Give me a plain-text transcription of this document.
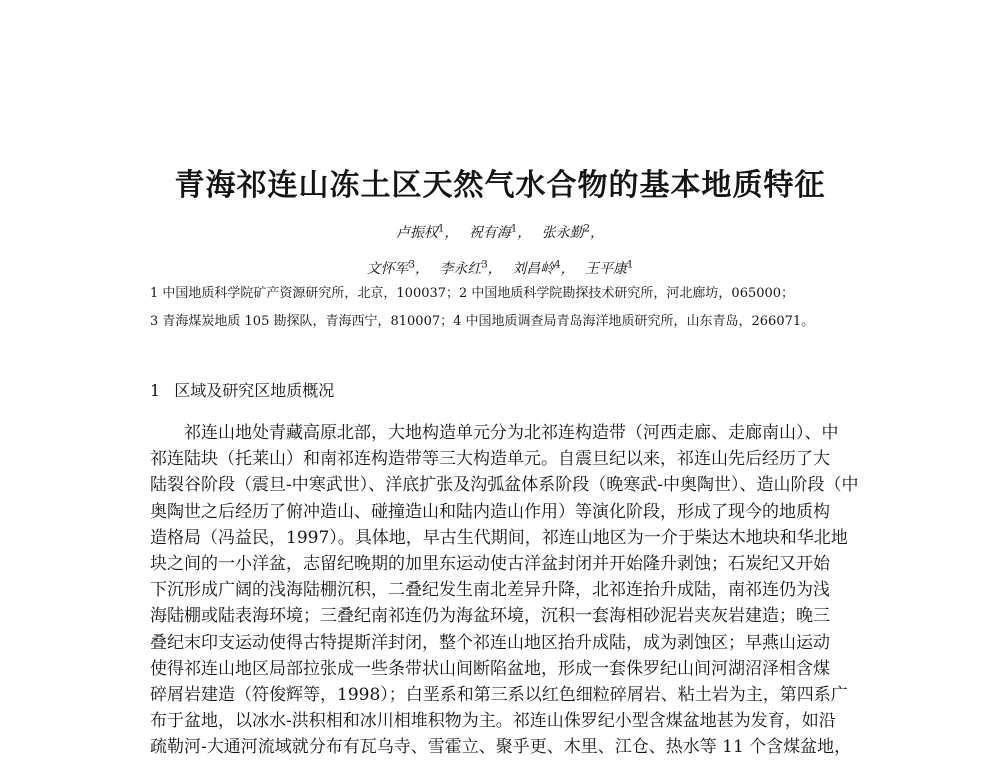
青海祁连山冻土区天然气水合物的基本地质特征
卢振权$^1$， 祝有海$^1$， 张永勤$^2$，
文怀军$^3$， 李永红$^3$， 刘昌岭$^4$， 王平康$^1$
1 中国地质科学院矿产资源研究所，北京，100037；2 中国地质科学院勘探技术研究所，河北廊坊，065000；
3 青海煤炭地质 105 勘探队，青海西宁，810007；4 中国地质调查局青岛海洋地质研究所，山东青岛，266071。
1 区域及研究区地质概况
祁连山地处青藏高原北部，大地构造单元分为北祁连构造带（河西走廊、走廊南山）、中
祁连陆块（托莱山）和南祁连构造带等三大构造单元。自震旦纪以来，祁连山先后经历了大
陆裂谷阶段（震旦-中寒武世）、洋底扩张及沟弧盆体系阶段（晚寒武-中奥陶世）、造山阶段（中
奥陶世之后经历了俯冲造山、碰撞造山和陆内造山作用）等演化阶段，形成了现今的地质构
造格局（冯益民，1997）。具体地，早古生代期间，祁连山地区为一介于柴达木地块和华北地
块之间的一小洋盆，志留纪晚期的加里东运动使古洋盆封闭并开始隆升剥蚀；石炭纪又开始
下沉形成广阔的浅海陆棚沉积，二叠纪发生南北差异升降，北祁连抬升成陆，南祁连仍为浅
海陆棚或陆表海环境；三叠纪南祁连仍为海盆环境，沉积一套海相砂泥岩夹灰岩建造；晚三
叠纪末印支运动使得古特提斯洋封闭，整个祁连山地区抬升成陆，成为剥蚀区；早燕山运动
使得祁连山地区局部拉张成一些条带状山间断陷盆地，形成一套侏罗纪山间河湖沼泽相含煤
碎屑岩建造（符俊辉等，1998）；白垩系和第三系以红色细粒碎屑岩、粘土岩为主，第四系广
布于盆地，以冰水-洪积相和冰川相堆积物为主。祁连山侏罗纪小型含煤盆地甚为发育，如沿
疏勒河-大通河流域就分布有瓦乌寺、雪霍立、聚乎更、木里、江仓、热水等 11 个含煤盆地，
